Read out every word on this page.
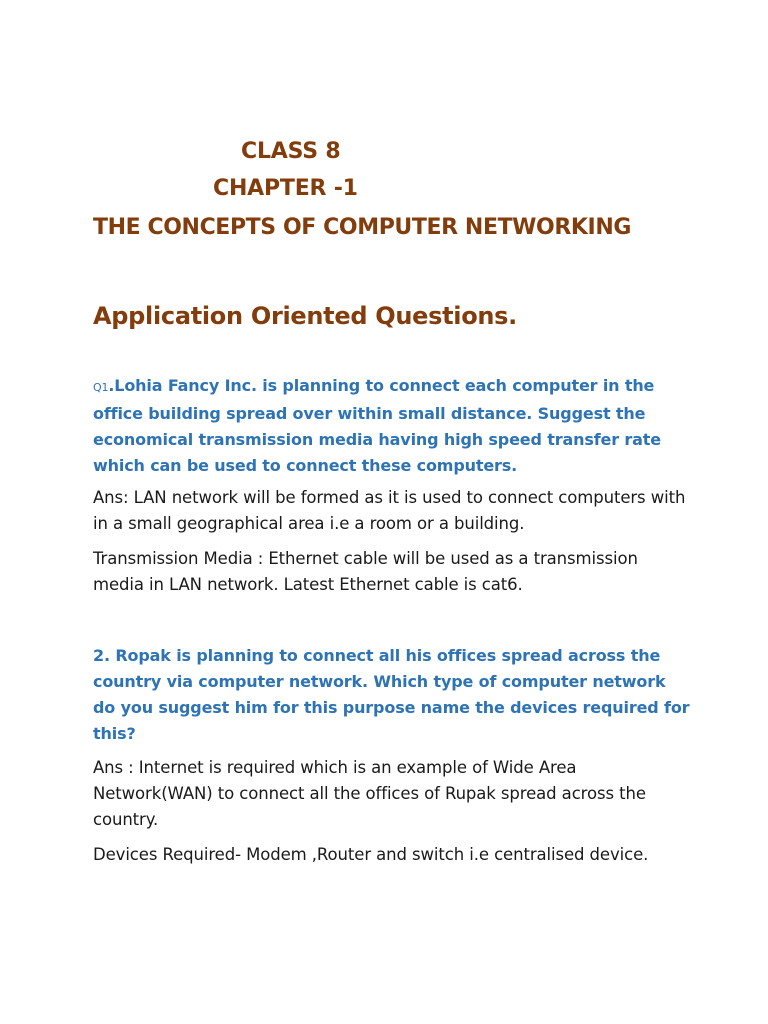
CLASS 8
CHAPTER -1
THE CONCEPTS OF COMPUTER NETWORKING
Application Oriented Questions.

Q1.Lohia Fancy Inc. is planning to connect each computer in the office building spread over within small distance. Suggest the economical transmission media having high speed transfer rate which can be used to connect these computers.

Ans: LAN network will be formed as it is used to connect computers with in a small geographical area i.e a room or a building.

Transmission Media : Ethernet cable will be used as a transmission media in LAN network. Latest Ethernet cable is cat6.

2. Ropak is planning to connect all his offices spread across the country via computer network. Which type of computer network do you suggest him for this purpose name the devices required for this?

Ans : Internet is required which is an example of Wide Area Network(WAN) to connect all the offices of Rupak spread across the country.

Devices Required- Modem ,Router and switch i.e centralised device.
